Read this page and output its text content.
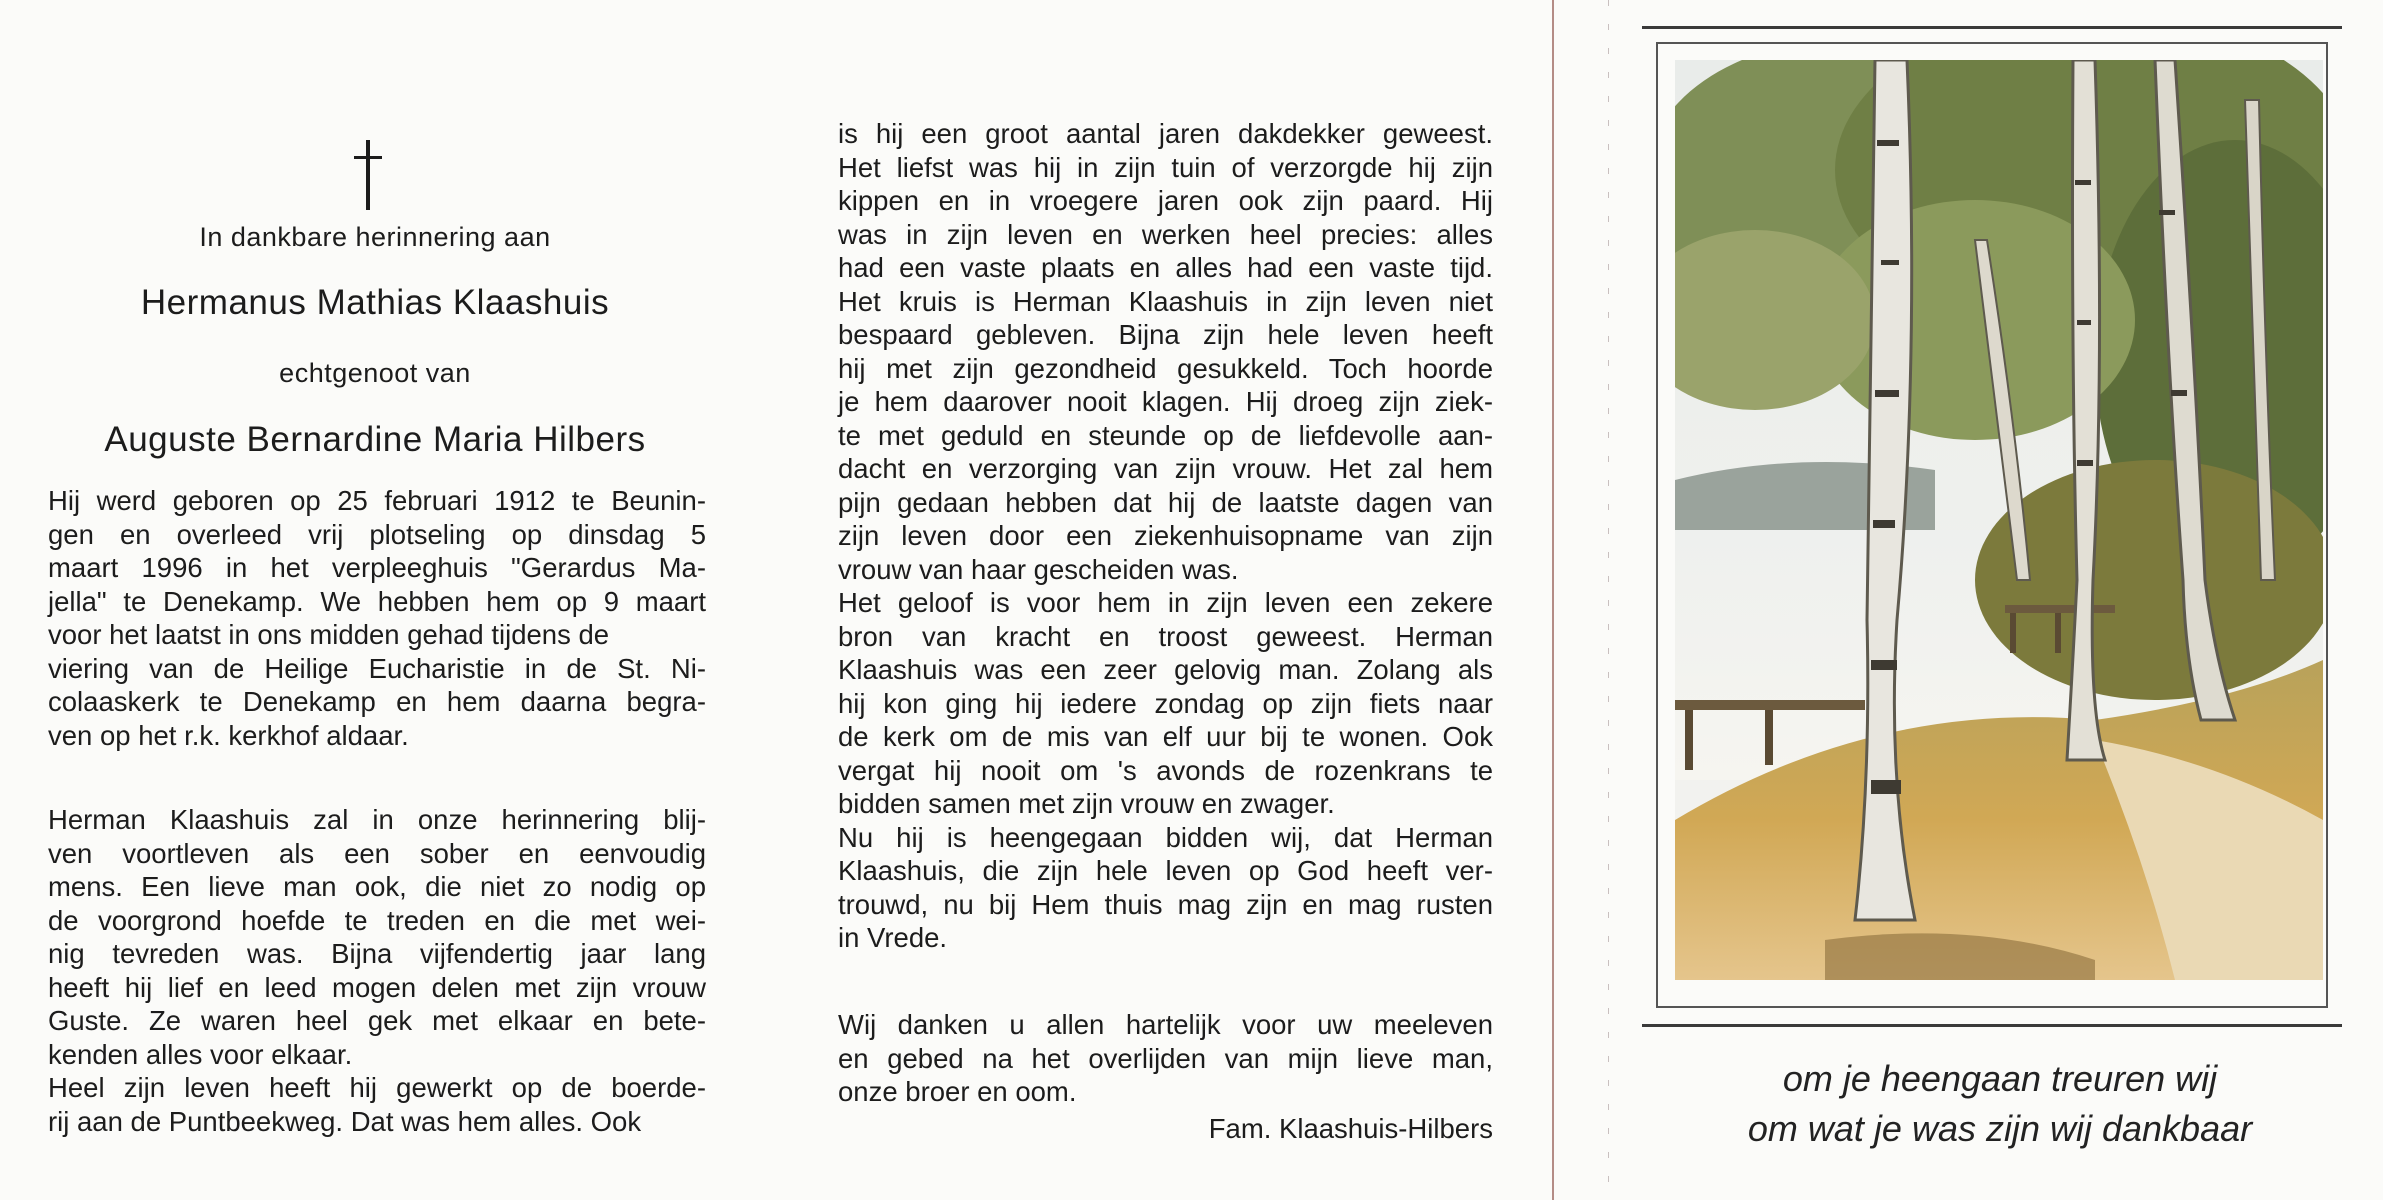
In dankbare herinnering aan
Hermanus Mathias Klaashuis
echtgenoot van
Auguste Bernardine Maria Hilbers
Hij werd geboren op 25 februari 1912 te Beunin-
gen en overleed vrij plotseling op dinsdag 5
maart 1996 in het verpleeghuis "Gerardus Ma-
jella" te Denekamp. We hebben hem op 9 maart
voor het laatst in ons midden gehad tijdens de
viering van de Heilige Eucharistie in de St. Ni-
colaaskerk te Denekamp en hem daarna begra-
ven op het r.k. kerkhof aldaar.
Herman Klaashuis zal in onze herinnering blij-
ven voortleven als een sober en eenvoudig
mens. Een lieve man ook, die niet zo nodig op
de voorgrond hoefde te treden en die met wei-
nig tevreden was. Bijna vijfendertig jaar lang
heeft hij lief en leed mogen delen met zijn vrouw
Guste. Ze waren heel gek met elkaar en bete-
kenden alles voor elkaar.
Heel zijn leven heeft hij gewerkt op de boerde-
rij aan de Puntbeekweg. Dat was hem alles. Ook
is hij een groot aantal jaren dakdekker geweest.
Het liefst was hij in zijn tuin of verzorgde hij zijn
kippen en in vroegere jaren ook zijn paard. Hij
was in zijn leven en werken heel precies: alles
had een vaste plaats en alles had een vaste tijd.
Het kruis is Herman Klaashuis in zijn leven niet
bespaard gebleven. Bijna zijn hele leven heeft
hij met zijn gezondheid gesukkeld. Toch hoorde
je hem daarover nooit klagen. Hij droeg zijn ziek-
te met geduld en steunde op de liefdevolle aan-
dacht en verzorging van zijn vrouw. Het zal hem
pijn gedaan hebben dat hij de laatste dagen van
zijn leven door een ziekenhuisopname van zijn
vrouw van haar gescheiden was.
Het geloof is voor hem in zijn leven een zekere
bron van kracht en troost geweest. Herman
Klaashuis was een zeer gelovig man. Zolang als
hij kon ging hij iedere zondag op zijn fiets naar
de kerk om de mis van elf uur bij te wonen. Ook
vergat hij nooit om 's avonds de rozenkrans te
bidden samen met zijn vrouw en zwager.
Nu hij is heengegaan bidden wij, dat Herman
Klaashuis, die zijn hele leven op God heeft ver-
trouwd, nu bij Hem thuis mag zijn en mag rusten
in Vrede.
Wij danken u allen hartelijk voor uw meeleven
en gebed na het overlijden van mijn lieve man,
onze broer en oom.
Fam. Klaashuis-Hilbers
om je heengaan treuren wij
om wat je was zijn wij dankbaar
